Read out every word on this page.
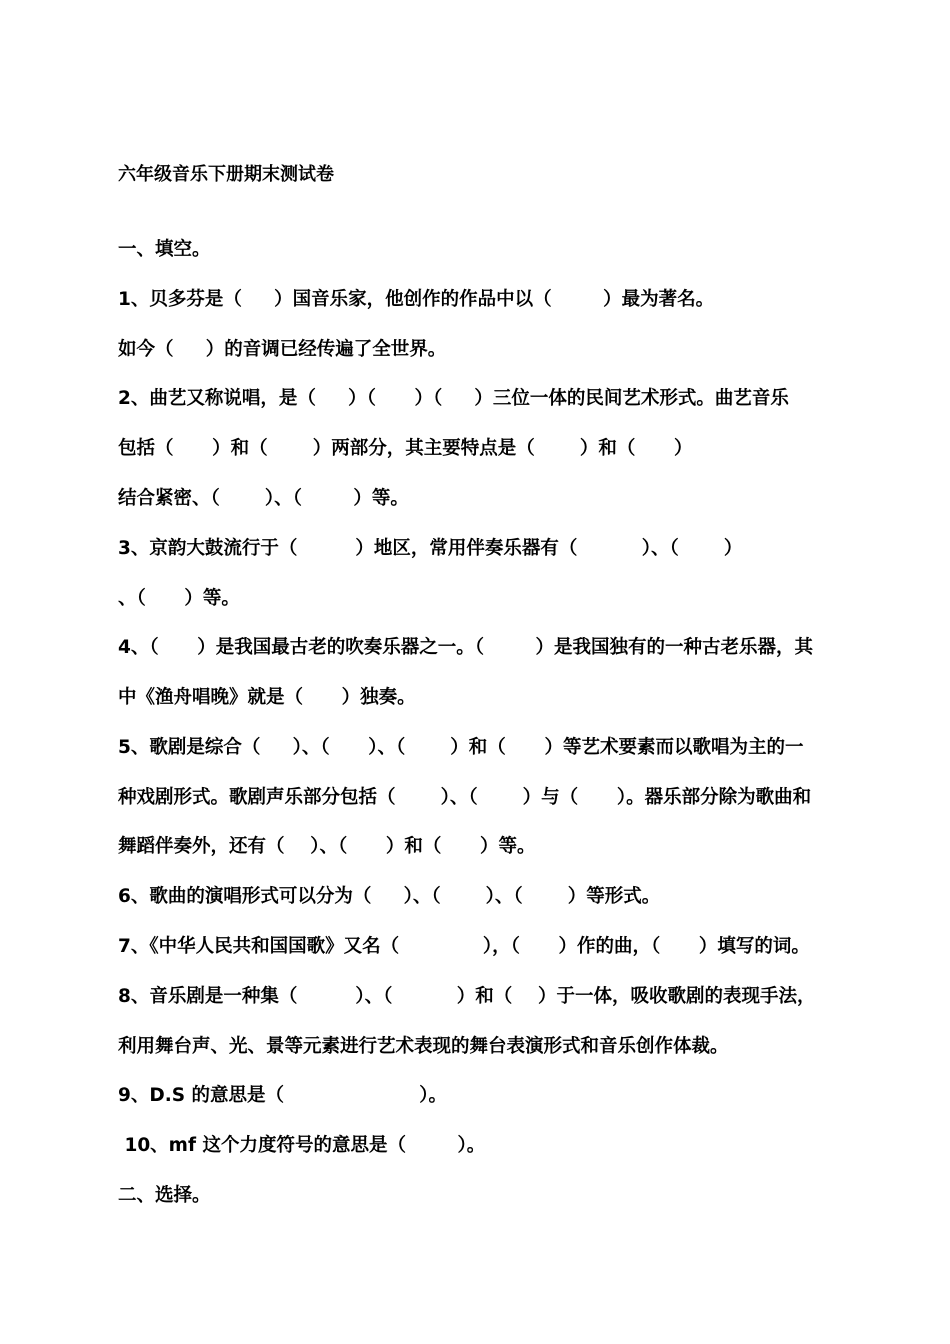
六年级音乐下册期末测试卷
一、填空。
1、贝多芬是（     ）国音乐家，他创作的作品中以（        ）最为著名。
如今（     ）的音调已经传遍了全世界。
2、曲艺又称说唱，是（     ）（      ）（     ）三位一体的民间艺术形式。曲艺音乐
包括（      ）和（       ）两部分，其主要特点是（       ）和（      ）
结合紧密、（       ）、（        ）等。
3、京韵大鼓流行于（         ）地区，常用伴奏乐器有（          ）、（       ）
、（      ）等。
4、（      ）是我国最古老的吹奏乐器之一。（        ）是我国独有的一种古老乐器，其
中《渔舟唱晚》就是（      ）独奏。
5、歌剧是综合（     ）、（      ）、（       ）和（      ）等艺术要素而以歌唱为主的一
种戏剧形式。歌剧声乐部分包括（       ）、（       ）与（      ）。器乐部分除为歌曲和
舞蹈伴奏外，还有（    ）、（      ）和（      ）等。
6、歌曲的演唱形式可以分为（     ）、（       ）、（       ）等形式。
7、《中华人民共和国国歌》又名（             ），（      ）作的曲，（      ）填写的词。
8、音乐剧是一种集（         ）、（          ）和（    ）于一体，吸收歌剧的表现手法，
利用舞台声、光、景等元素进行艺术表现的舞台表演形式和音乐创作体裁。
9、D.S 的意思是（                     ）。
10、mf 这个力度符号的意思是（        ）。
二、选择。
